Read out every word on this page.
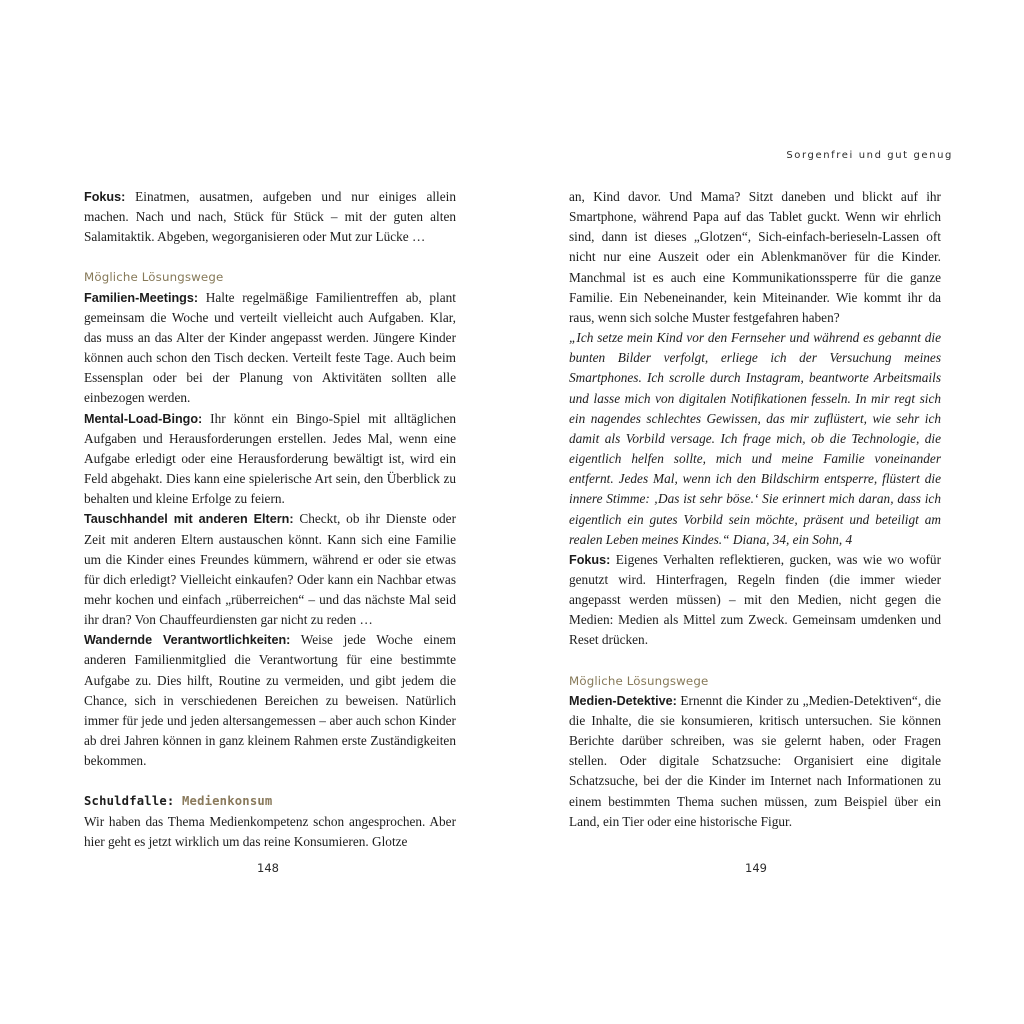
Fokus: Einatmen, ausatmen, aufgeben und nur einiges allein machen. Nach und nach, Stück für Stück – mit der guten alten Salamitaktik. Abgeben, wegorganisieren oder Mut zur Lücke …

Mögliche Lösungswege

Familien-Meetings: Halte regelmäßige Familientreffen ab, plant gemeinsam die Woche und verteilt vielleicht auch Aufgaben. Klar, das muss an das Alter der Kinder angepasst werden. Jüngere Kinder können auch schon den Tisch decken. Verteilt feste Tage. Auch beim Essensplan oder bei der Planung von Aktivitäten sollten alle einbezogen werden.

Mental-Load-Bingo: Ihr könnt ein Bingo-Spiel mit alltäglichen Aufgaben und Herausforderungen erstellen. Jedes Mal, wenn eine Aufgabe erledigt oder eine Herausforderung bewältigt ist, wird ein Feld abgehakt. Dies kann eine spielerische Art sein, den Überblick zu behalten und kleine Erfolge zu feiern.

Tauschhandel mit anderen Eltern: Checkt, ob ihr Dienste oder Zeit mit anderen Eltern austauschen könnt. Kann sich eine Familie um die Kinder eines Freundes kümmern, während er oder sie etwas für dich erledigt? Vielleicht einkaufen? Oder kann ein Nachbar etwas mehr kochen und einfach „rüberreichen“ – und das nächste Mal seid ihr dran? Von Chauffeurdiensten gar nicht zu reden …

Wandernde Verantwortlichkeiten: Weise jede Woche einem anderen Familienmitglied die Verantwortung für eine bestimmte Aufgabe zu. Dies hilft, Routine zu vermeiden, und gibt jedem die Chance, sich in verschiedenen Bereichen zu beweisen. Natürlich immer für jede und jeden altersangemessen – aber auch schon Kinder ab drei Jahren können in ganz kleinem Rahmen erste Zuständigkeiten bekommen.

Schuldfalle: Medienkonsum

Wir haben das Thema Medienkompetenz schon angesprochen. Aber hier geht es jetzt wirklich um das reine Konsumieren. Glotze

148
Sorgenfrei und gut genug

an, Kind davor. Und Mama? Sitzt daneben und blickt auf ihr Smartphone, während Papa auf das Tablet guckt. Wenn wir ehrlich sind, dann ist dieses „Glotzen“, Sich-einfach-berieseln-Lassen oft nicht nur eine Auszeit oder ein Ablenkmanöver für die Kinder. Manchmal ist es auch eine Kommunikationssperre für die ganze Familie. Ein Nebeneinander, kein Miteinander. Wie kommt ihr da raus, wenn sich solche Muster festgefahren haben?

„Ich setze mein Kind vor den Fernseher und während es gebannt die bunten Bilder verfolgt, erliege ich der Versuchung meines Smartphones. Ich scrolle durch Instagram, beantworte Arbeitsmails und lasse mich von digitalen Notifikationen fesseln. In mir regt sich ein nagendes schlechtes Gewissen, das mir zuflüstert, wie sehr ich damit als Vorbild versage. Ich frage mich, ob die Technologie, die eigentlich helfen sollte, mich und meine Familie voneinander entfernt. Jedes Mal, wenn ich den Bildschirm entsperre, flüstert die innere Stimme: ‚Das ist sehr böse.‘ Sie erinnert mich daran, dass ich eigentlich ein gutes Vorbild sein möchte, präsent und beteiligt am realen Leben meines Kindes.“ Diana, 34, ein Sohn, 4

Fokus: Eigenes Verhalten reflektieren, gucken, was wie wo wofür genutzt wird. Hinterfragen, Regeln finden (die immer wieder angepasst werden müssen) – mit den Medien, nicht gegen die Medien: Medien als Mittel zum Zweck. Gemeinsam umdenken und Reset drücken.

Mögliche Lösungswege

Medien-Detektive: Ernennt die Kinder zu „Medien-Detektiven“, die die Inhalte, die sie konsumieren, kritisch untersuchen. Sie können Berichte darüber schreiben, was sie gelernt haben, oder Fragen stellen. Oder digitale Schatzsuche: Organisiert eine digitale Schatzsuche, bei der die Kinder im Internet nach Informationen zu einem bestimmten Thema suchen müssen, zum Beispiel über ein Land, ein Tier oder eine historische Figur.

149
